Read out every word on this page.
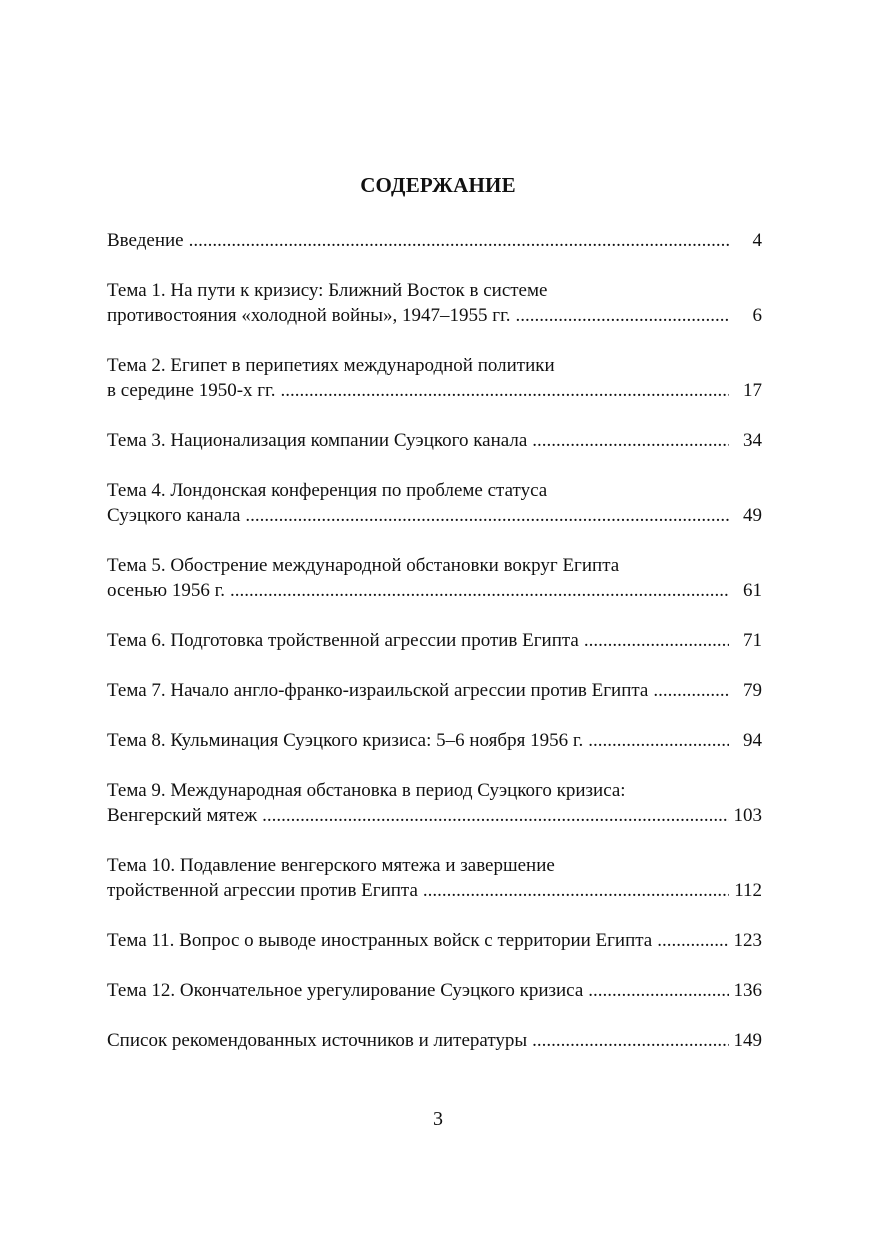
СОДЕРЖАНИЕ
Введение .....	4
Тема 1. На пути к кризису: Ближний Восток в системе
противостояния «холодной войны», 1947–1955 гг. .....	6
Тема 2. Египет в перипетиях международной политики
в середине 1950-х гг. .....	17
Тема 3. Национализация компании Суэцкого канала .....	34
Тема 4. Лондонская конференция по проблеме статуса
Суэцкого канала .....	49
Тема 5. Обострение международной обстановки вокруг Египта
осенью 1956 г. .....	61
Тема 6. Подготовка тройственной агрессии против Египта .....	71
Тема 7. Начало англо-франко-израильской агрессии против Египта .....	79
Тема 8. Кульминация Суэцкого кризиса: 5–6 ноября 1956 г. .....	94
Тема 9. Международная обстановка в период Суэцкого кризиса:
Венгерский мятеж .....	103
Тема 10. Подавление венгерского мятежа и завершение
тройственной агрессии против Египта .....	112
Тема 11. Вопрос о выводе иностранных войск с территории Египта .....	123
Тема 12. Окончательное урегулирование Суэцкого кризиса .....	136
Список рекомендованных источников и литературы .....	149
3
